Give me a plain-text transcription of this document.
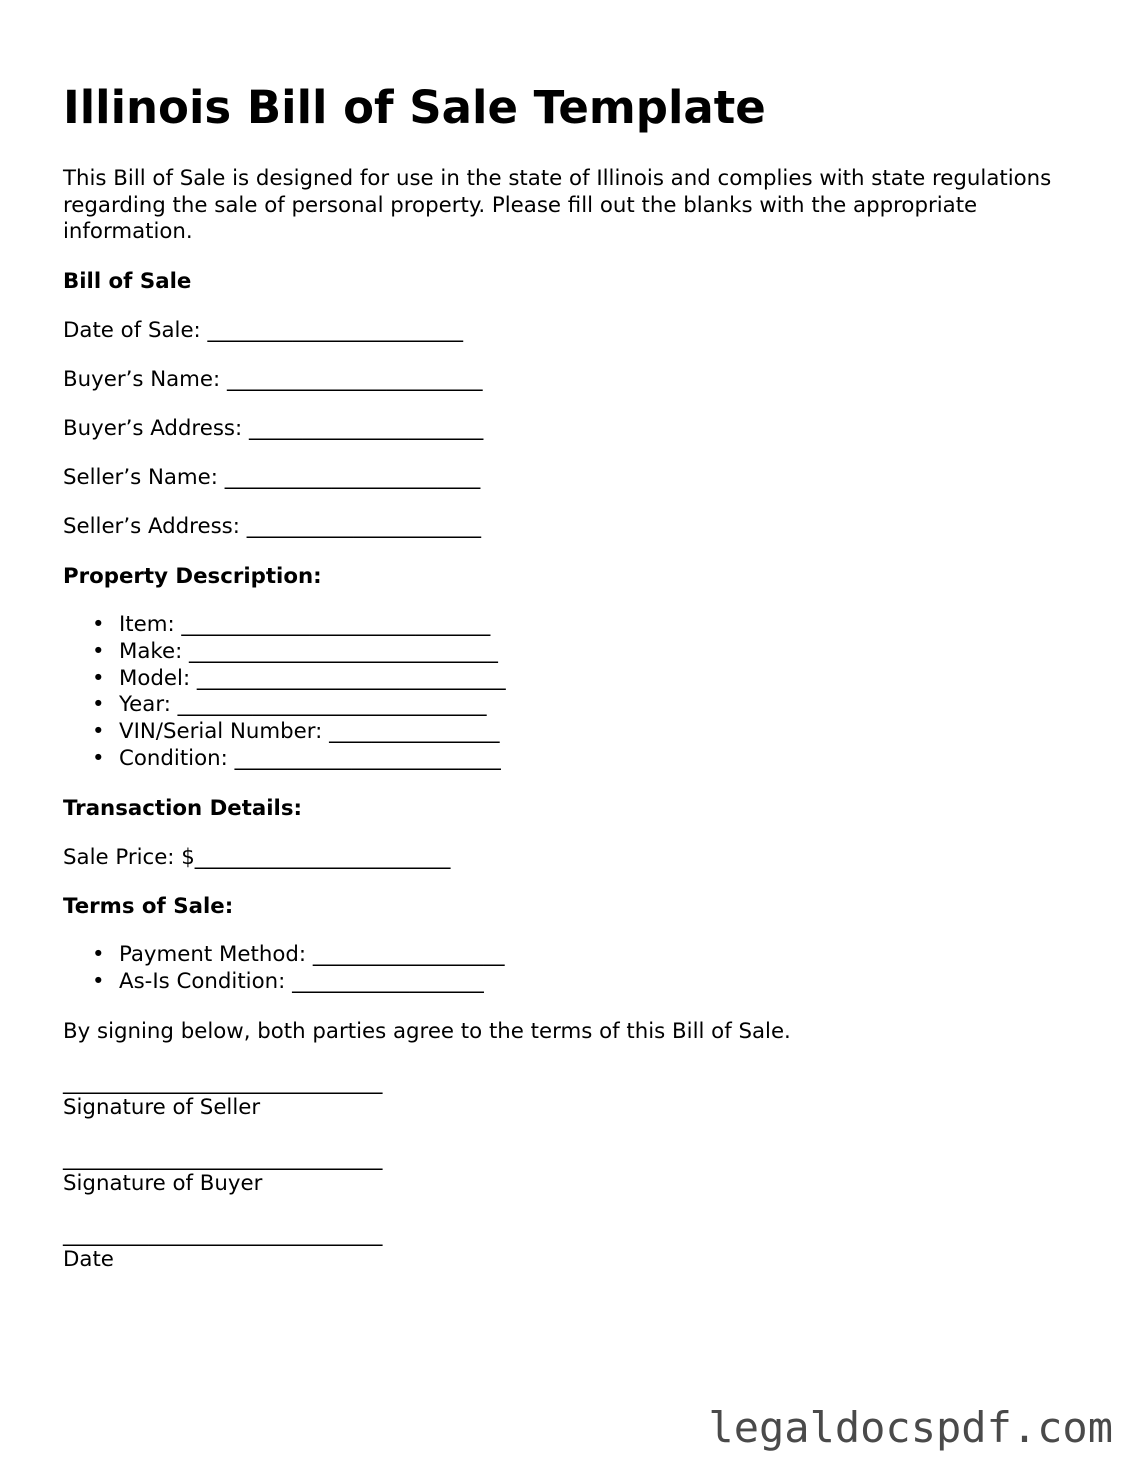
Illinois Bill of Sale Template

This Bill of Sale is designed for use in the state of Illinois and complies with state regulations regarding the sale of personal property. Please fill out the blanks with the appropriate information.

Bill of Sale

Date of Sale: ________________________

Buyer’s Name: ________________________

Buyer’s Address: ______________________

Seller’s Name: ________________________

Seller’s Address: ______________________

Property Description:

• Item: _____________________________
• Make: _____________________________
• Model: _____________________________
• Year: _____________________________
• VIN/Serial Number: ________________
• Condition: _________________________

Transaction Details:

Sale Price: $________________________

Terms of Sale:

• Payment Method: __________________
• As-Is Condition: __________________

By signing below, both parties agree to the terms of this Bill of Sale.

______________________________
Signature of Seller
______________________________
Signature of Buyer
______________________________
Date
legaldocspdf.com
